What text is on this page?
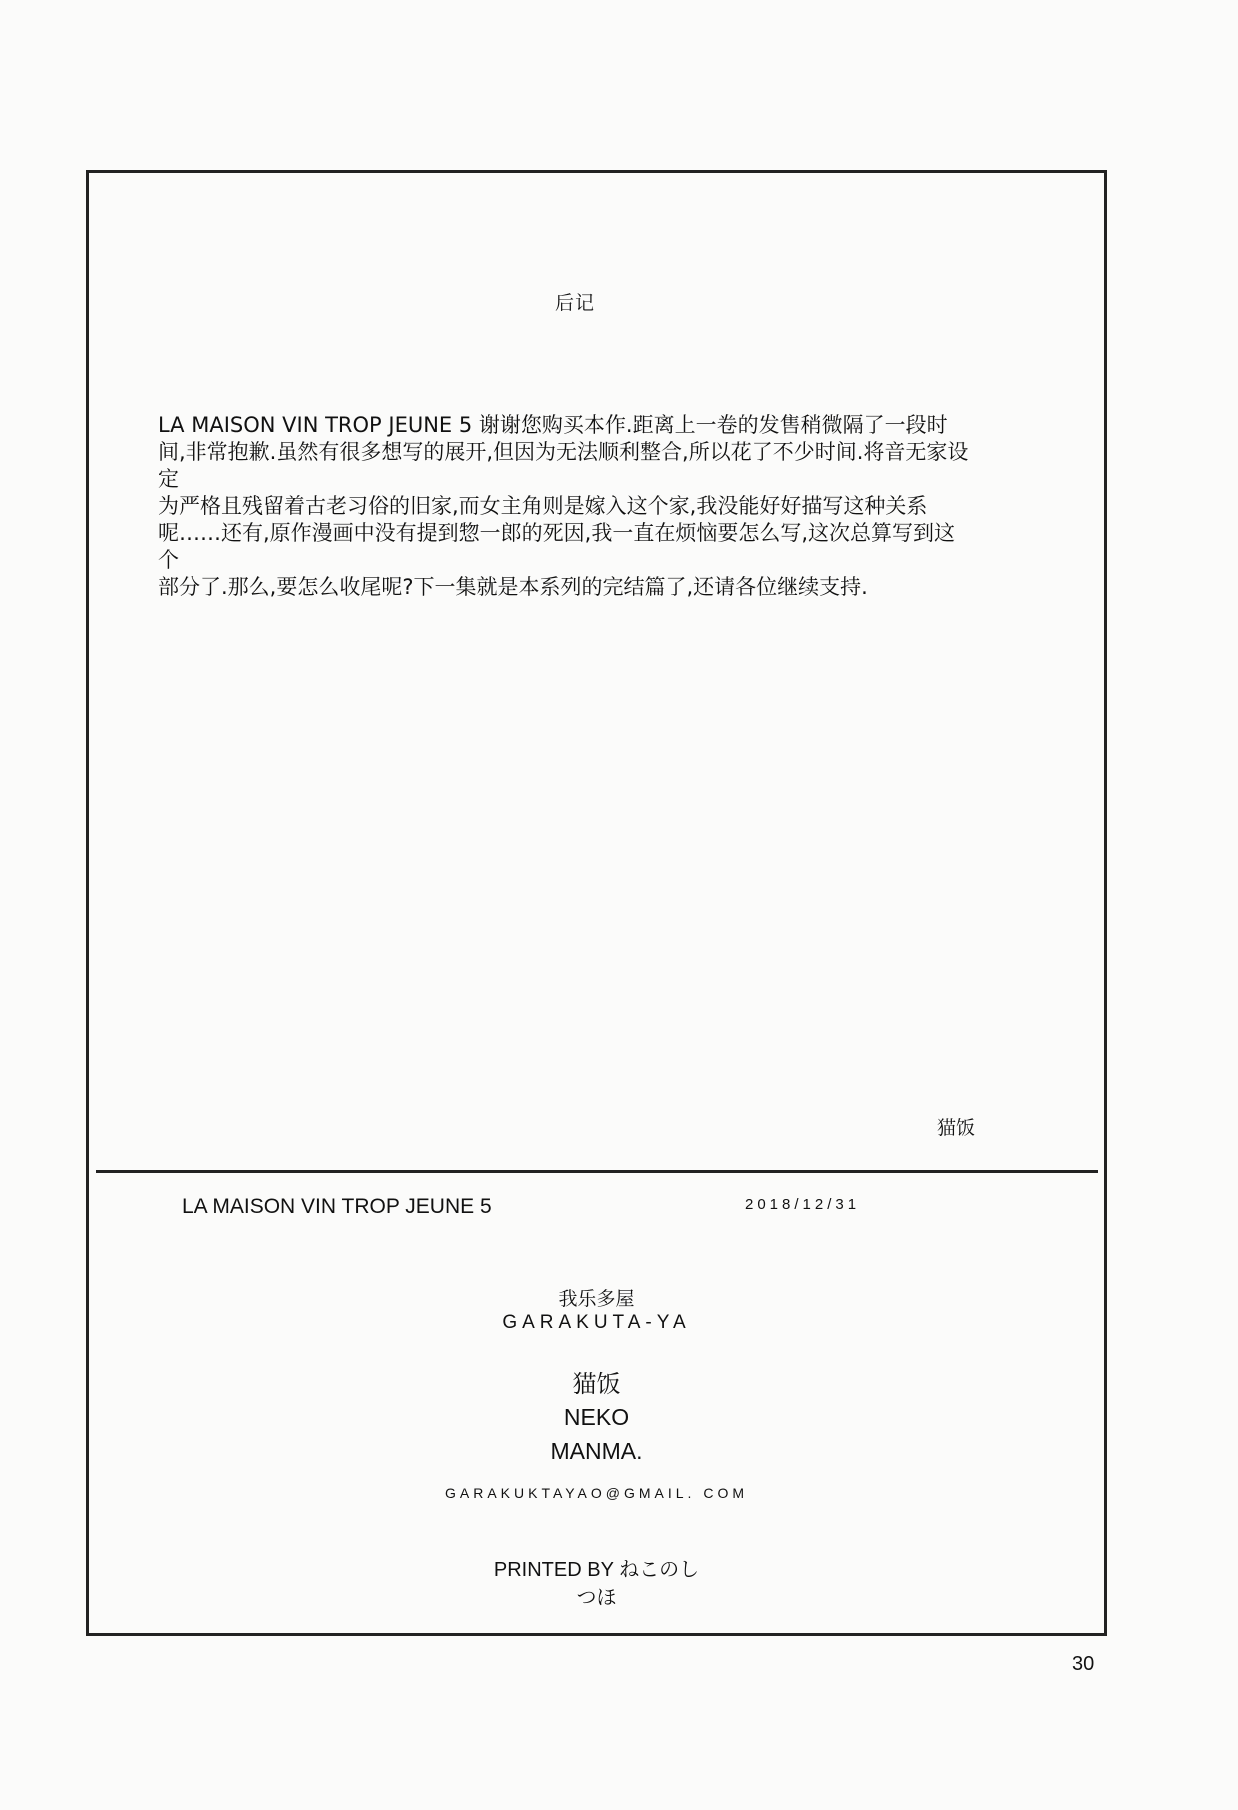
后记
LA MAISON VIN TROP JEUNE 5 谢谢您购买本作.距离上一卷的发售稍微隔了一段时
间,非常抱歉.虽然有很多想写的展开,但因为无法顺利整合,所以花了不少时间.将音无家设
定
为严格且残留着古老习俗的旧家,而女主角则是嫁入这个家,我没能好好描写这种关系
呢……还有,原作漫画中没有提到惣一郎的死因,我一直在烦恼要怎么写,这次总算写到这
个
部分了.那么,要怎么收尾呢?下一集就是本系列的完结篇了,还请各位继续支持.
猫饭
LA MAISON VIN TROP JEUNE 5	2018/12/31
我乐多屋
GARAKUTA-YA
猫饭
NEKO
MANMA.
GARAKUKTAYAO@GMAIL. COM
PRINTED BY ねこのし
つほ
30
